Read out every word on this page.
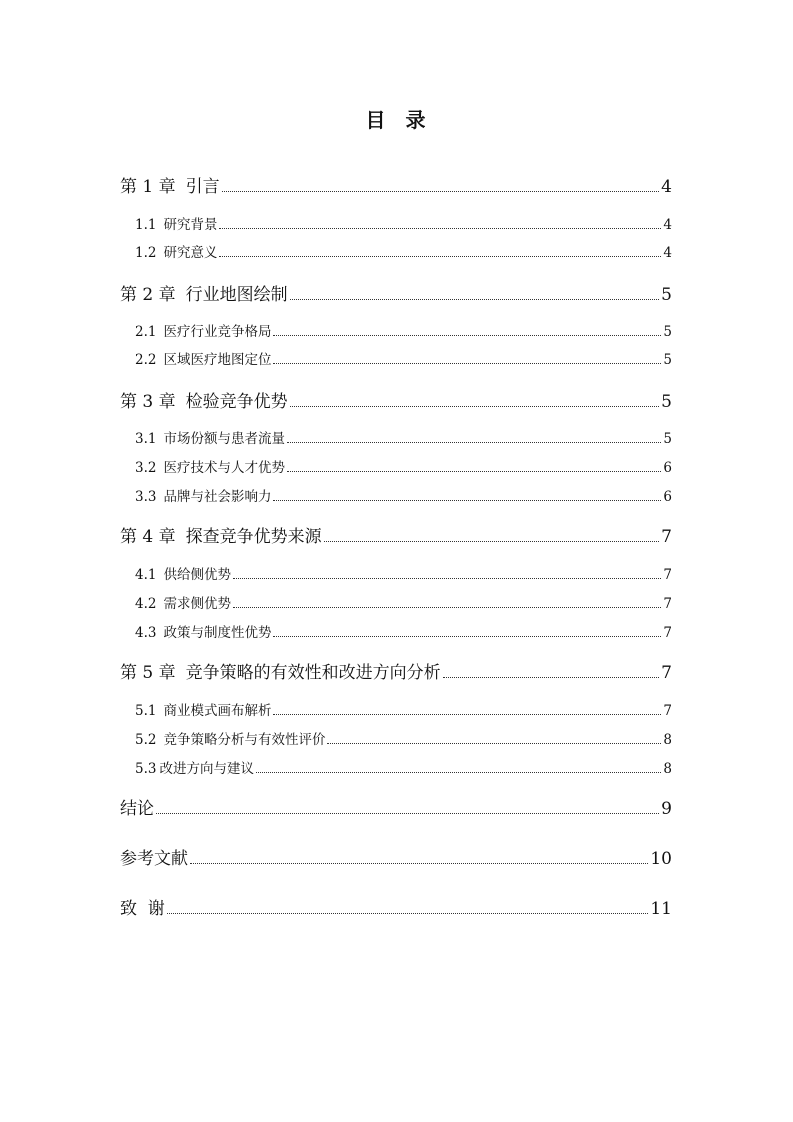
目 录
第 1 章 引言	4
1.1 研究背景	4
1.2 研究意义	4
第 2 章 行业地图绘制	5
2.1 医疗行业竞争格局	5
2.2 区域医疗地图定位	5
第 3 章 检验竞争优势	5
3.1 市场份额与患者流量	5
3.2 医疗技术与人才优势	6
3.3 品牌与社会影响力	6
第 4 章 探查竞争优势来源	7
4.1 供给侧优势	7
4.2 需求侧优势	7
4.3 政策与制度性优势	7
第 5 章 竞争策略的有效性和改进方向分析	7
5.1 商业模式画布解析	7
5.2 竞争策略分析与有效性评价	8
5.3 改进方向与建议	8
结论	9
参考文献	10
致  谢	11
